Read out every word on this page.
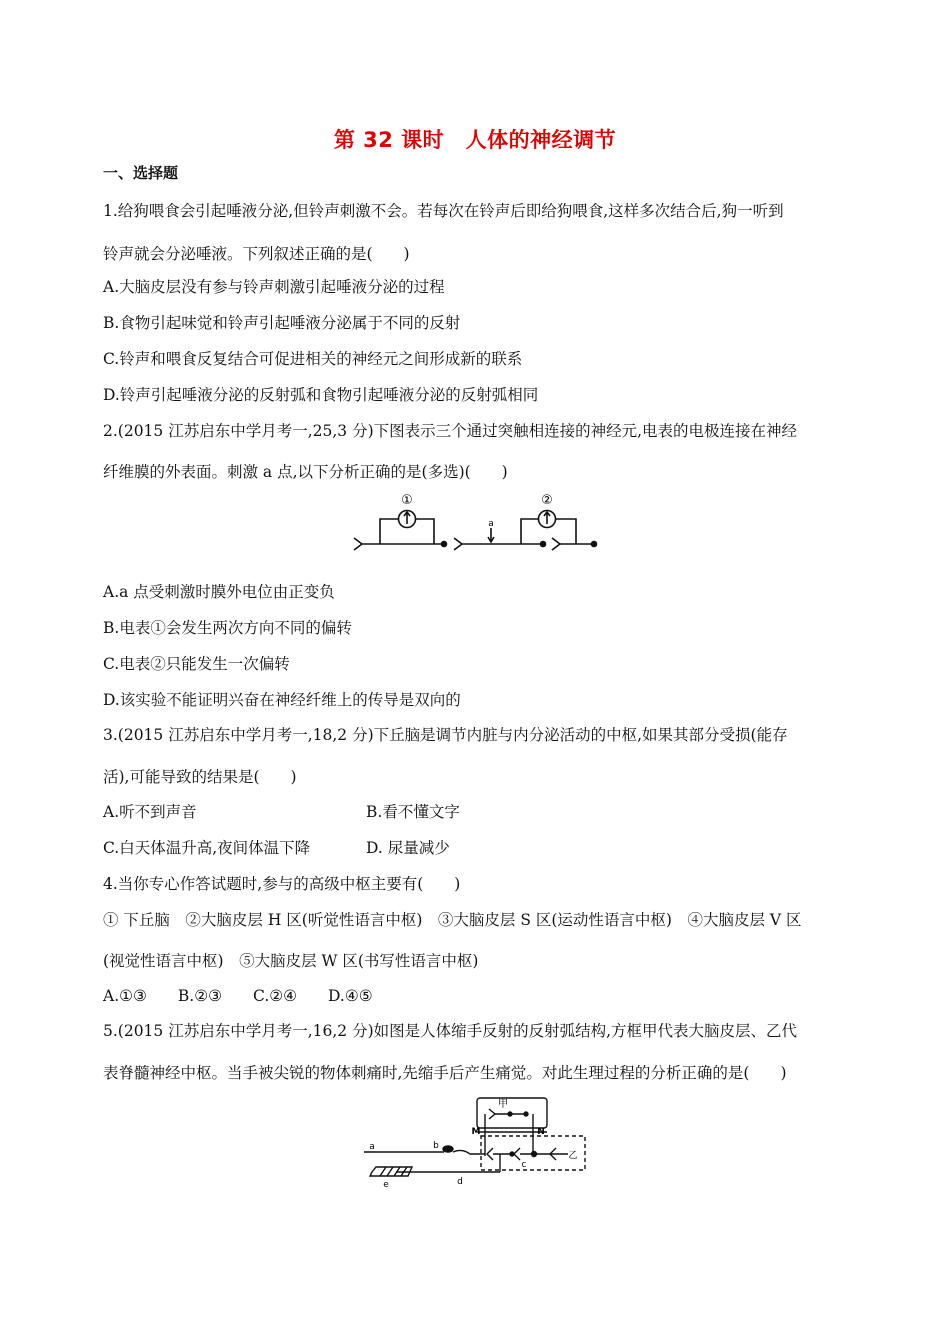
第 32 课时　人体的神经调节
一、选择题
1.给狗喂食会引起唾液分泌,但铃声刺激不会。若每次在铃声后即给狗喂食,这样多次结合后,狗一听到
铃声就会分泌唾液。下列叙述正确的是(　　)
A.大脑皮层没有参与铃声刺激引起唾液分泌的过程
B.食物引起味觉和铃声引起唾液分泌属于不同的反射
C.铃声和喂食反复结合可促进相关的神经元之间形成新的联系
D.铃声引起唾液分泌的反射弧和食物引起唾液分泌的反射弧相同
2.(2015 江苏启东中学月考一,25,3 分)下图表示三个通过突触相连接的神经元,电表的电极连接在神经
纤维膜的外表面。刺激 a 点,以下分析正确的是(多选)(　　)
①	②
a
A.a 点受刺激时膜外电位由正变负
B.电表①会发生两次方向不同的偏转
C.电表②只能发生一次偏转
D.该实验不能证明兴奋在神经纤维上的传导是双向的
3.(2015 江苏启东中学月考一,18,2 分)下丘脑是调节内脏与内分泌活动的中枢,如果其部分受损(能存
活),可能导致的结果是(　　)
A.听不到声音	B.看不懂文字
C.白天体温升高,夜间体温下降	D. 尿量减少
4.当你专心作答试题时,参与的高级中枢主要有(　　)
① 下丘脑　②大脑皮层 H 区(听觉性语言中枢)　③大脑皮层 S 区(运动性语言中枢)　④大脑皮层 V 区
(视觉性语言中枢)　⑤大脑皮层 W 区(书写性语言中枢)
A.①③　　B.②③　　C.②④　　D.④⑤
5.(2015 江苏启东中学月考一,16,2 分)如图是人体缩手反射的反射弧结构,方框甲代表大脑皮层、乙代
表脊髓神经中枢。当手被尖锐的物体刺痛时,先缩手后产生痛觉。对此生理过程的分析正确的是(　　)
甲
乙
M	N
a	b
c
d
e
